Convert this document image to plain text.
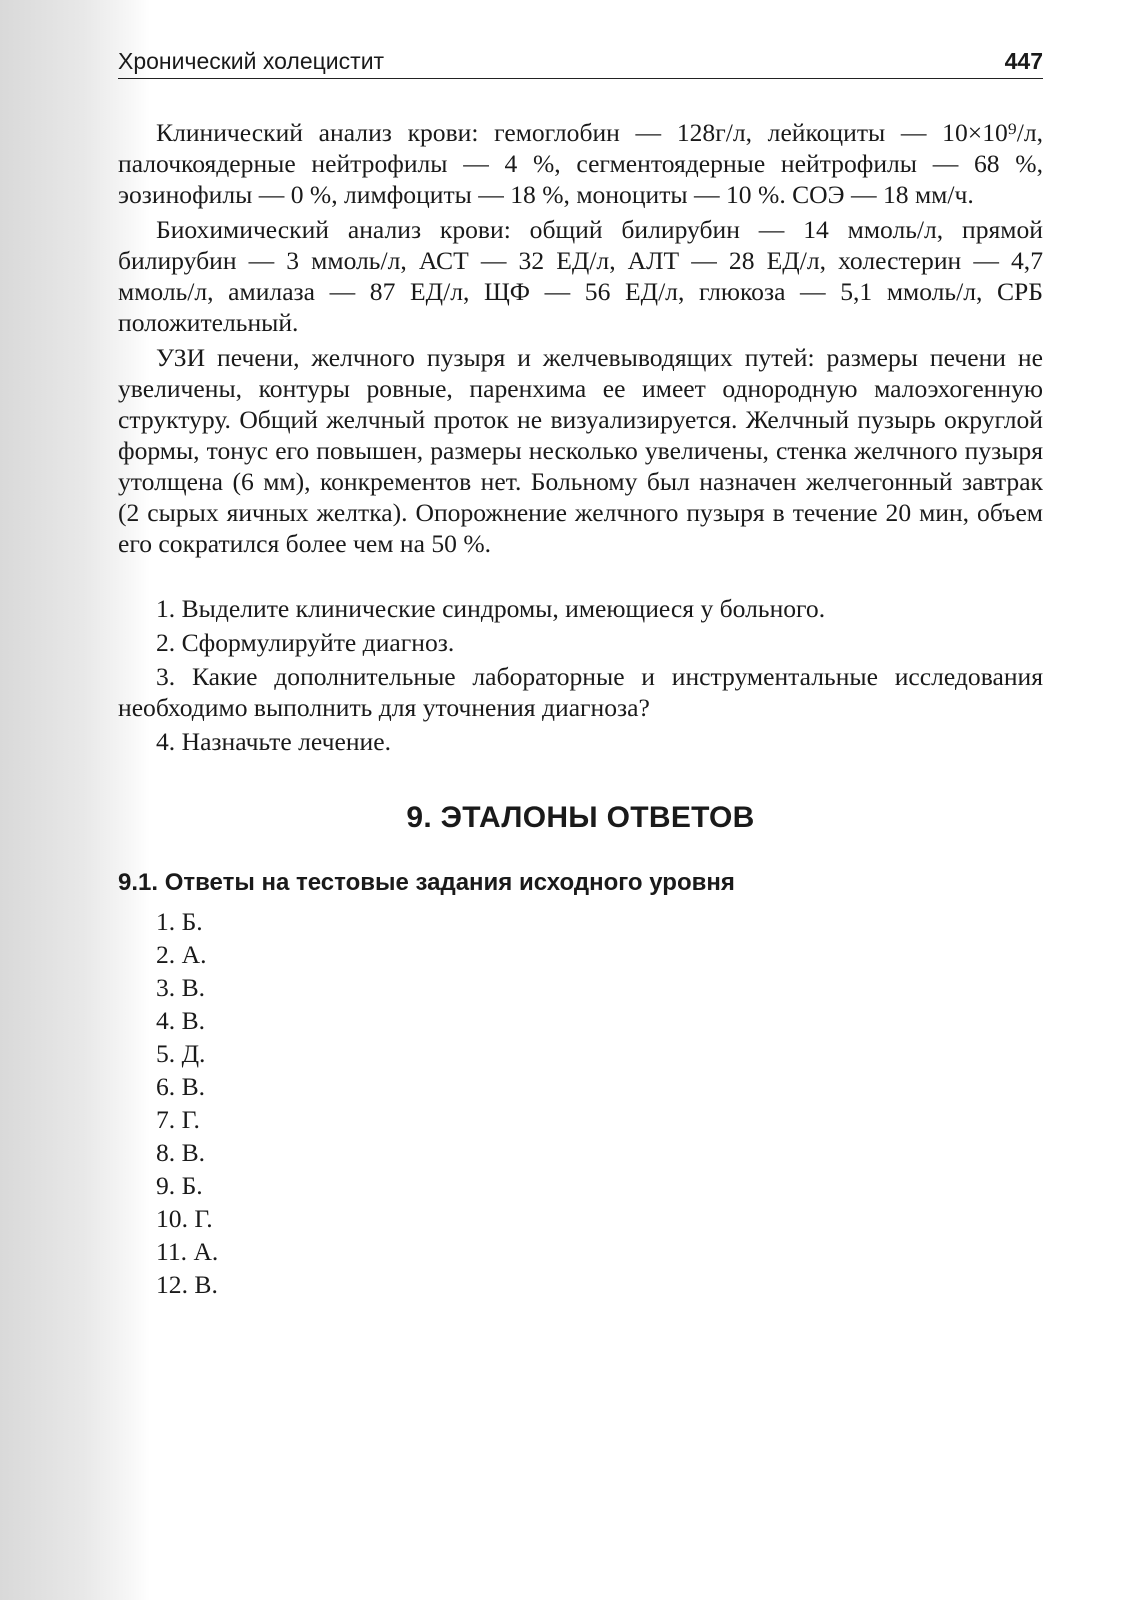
Хронический холецистит	447

Клинический анализ крови: гемоглобин — 128г/л, лейкоциты — 10×10⁹/л, палочкоядерные нейтрофилы — 4 %, сегментоядерные нейтрофилы — 68 %, эозинофилы — 0 %, лимфоциты — 18 %, моноциты — 10 %. СОЭ — 18 мм/ч.

Биохимический анализ крови: общий билирубин — 14 ммоль/л, прямой билирубин — 3 ммоль/л, АСТ — 32 ЕД/л, АЛТ — 28 ЕД/л, холестерин — 4,7 ммоль/л, амилаза — 87 ЕД/л, ЩФ — 56 ЕД/л, глюкоза — 5,1 ммоль/л, СРБ положительный.

УЗИ печени, желчного пузыря и желчевыводящих путей: размеры печени не увеличены, контуры ровные, паренхима ее имеет однородную малоэхогенную структуру. Общий желчный проток не визуализируется. Желчный пузырь округлой формы, тонус его повышен, размеры несколько увеличены, стенка желчного пузыря утолщена (6 мм), конкрементов нет. Больному был назначен желчегонный завтрак (2 сырых яичных желтка). Опорожнение желчного пузыря в течение 20 мин, объем его сократился более чем на 50 %.

1. Выделите клинические синдромы, имеющиеся у больного.

2. Сформулируйте диагноз.

3. Какие дополнительные лабораторные и инструментальные исследования необходимо выполнить для уточнения диагноза?

4. Назначьте лечение.

9. ЭТАЛОНЫ ОТВЕТОВ
9.1. Ответы на тестовые задания исходного уровня
1. Б.
2. А.
3. В.
4. В.
5. Д.
6. В.
7. Г.
8. В.
9. Б.
10. Г.
11. А.
12. В.
